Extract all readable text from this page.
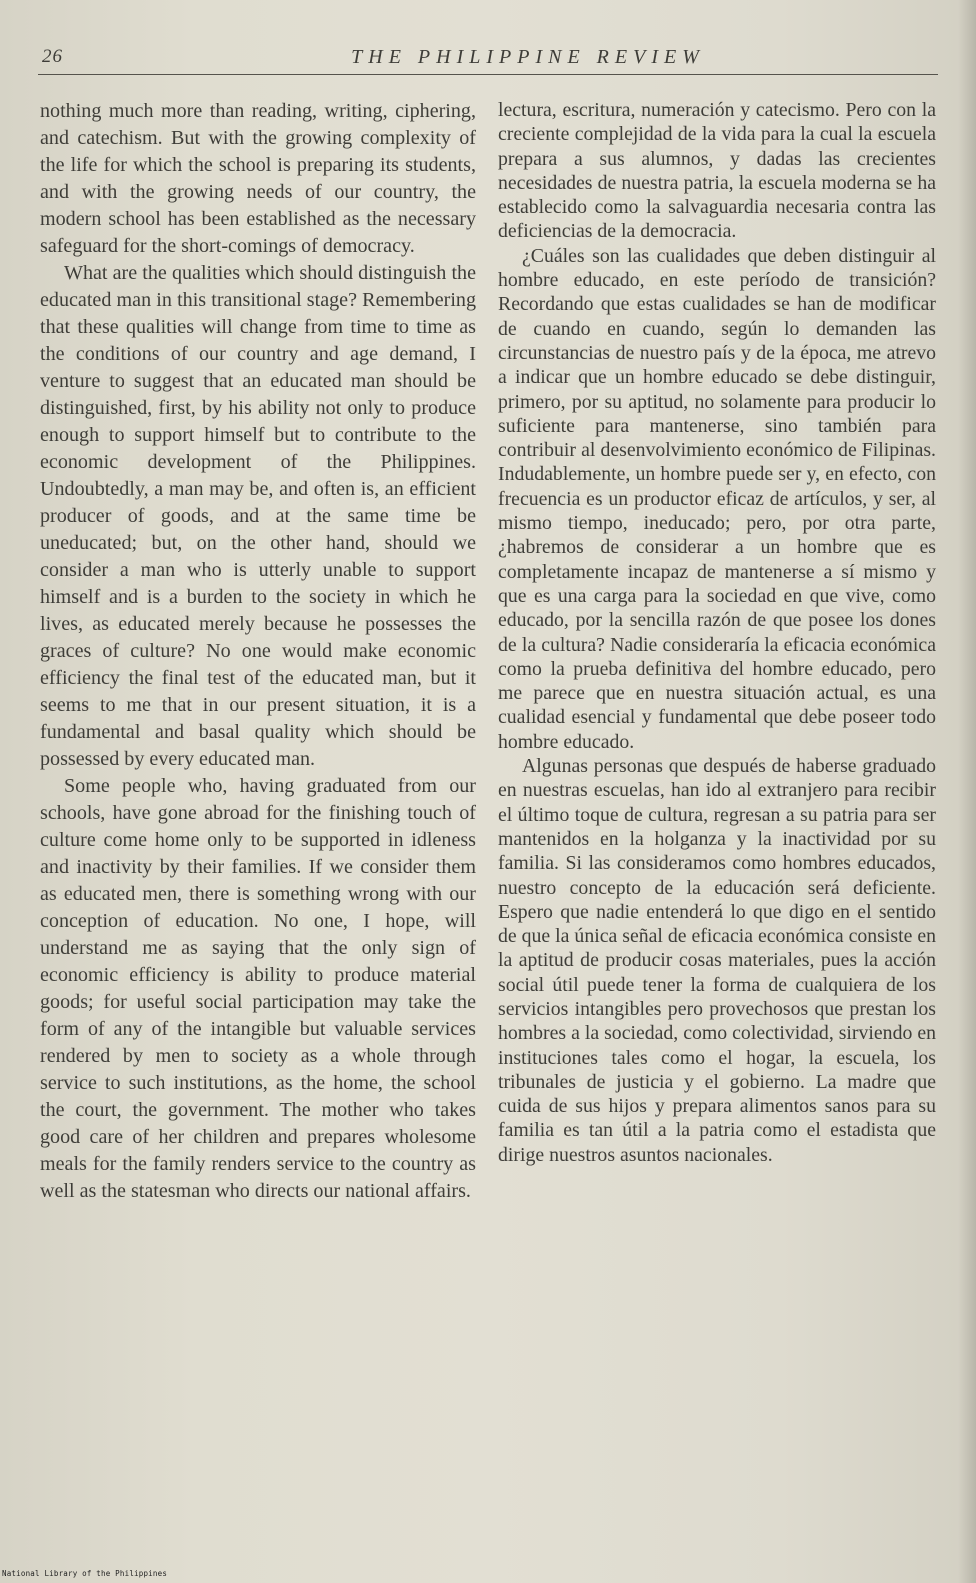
26	THE PHILIPPINE REVIEW

nothing much more than reading, writing, ciphering, and catechism. But with the growing complexity of the life for which the school is preparing its students, and with the growing needs of our country, the modern school has been established as the necessary safeguard for the short-comings of democracy.

What are the qualities which should distinguish the educated man in this transitional stage? Remembering that these qualities will change from time to time as the conditions of our country and age demand, I venture to suggest that an educated man should be distinguished, first, by his ability not only to produce enough to support himself but to contribute to the economic development of the Philippines. Undoubtedly, a man may be, and often is, an efficient producer of goods, and at the same time be uneducated; but, on the other hand, should we consider a man who is utterly unable to support himself and is a burden to the society in which he lives, as educated merely because he possesses the graces of culture? No one would make economic efficiency the final test of the educated man, but it seems to me that in our present situation, it is a fundamental and basal quality which should be possessed by every educated man.

Some people who, having graduated from our schools, have gone abroad for the finishing touch of culture come home only to be supported in idleness and inactivity by their families. If we consider them as educated men, there is something wrong with our conception of education. No one, I hope, will understand me as saying that the only sign of economic efficiency is ability to produce material goods; for useful social participation may take the form of any of the intangible but valuable services rendered by men to society as a whole through service to such institutions, as the home, the school the court, the government. The mother who takes good care of her children and prepares wholesome meals for the family renders service to the country as well as the statesman who directs our national affairs.

lectura, escritura, numeración y catecismo. Pero con la creciente complejidad de la vida para la cual la escuela prepara a sus alumnos, y dadas las crecientes necesidades de nuestra patria, la escuela moderna se ha establecido como la salvaguardia necesaria contra las deficiencias de la democracia.

¿Cuáles son las cualidades que deben distinguir al hombre educado, en este período de transición? Recordando que estas cualidades se han de modificar de cuando en cuando, según lo demanden las circunstancias de nuestro país y de la época, me atrevo a indicar que un hombre educado se debe distinguir, primero, por su aptitud, no solamente para producir lo suficiente para mantenerse, sino también para contribuir al desenvolvimiento económico de Filipinas. Indudablemente, un hombre puede ser y, en efecto, con frecuencia es un productor eficaz de artículos, y ser, al mismo tiempo, ineducado; pero, por otra parte, ¿habremos de considerar a un hombre que es completamente incapaz de mantenerse a sí mismo y que es una carga para la sociedad en que vive, como educado, por la sencilla razón de que posee los dones de la cultura? Nadie consideraría la eficacia económica como la prueba definitiva del hombre educado, pero me parece que en nuestra situación actual, es una cualidad esencial y fundamental que debe poseer todo hombre educado.

Algunas personas que después de haberse graduado en nuestras escuelas, han ido al extranjero para recibir el último toque de cultura, regresan a su patria para ser mantenidos en la holganza y la inactividad por su familia. Si las consideramos como hombres educados, nuestro concepto de la educación será deficiente. Espero que nadie entenderá lo que digo en el sentido de que la única señal de eficacia económica consiste en la aptitud de producir cosas materiales, pues la acción social útil puede tener la forma de cualquiera de los servicios intangibles pero provechosos que prestan los hombres a la sociedad, como colectividad, sirviendo en instituciones tales como el hogar, la escuela, los tribunales de justicia y el gobierno. La madre que cuida de sus hijos y prepara alimentos sanos para su familia es tan útil a la patria como el estadista que dirige nuestros asuntos nacionales.

National Library of the Philippines
